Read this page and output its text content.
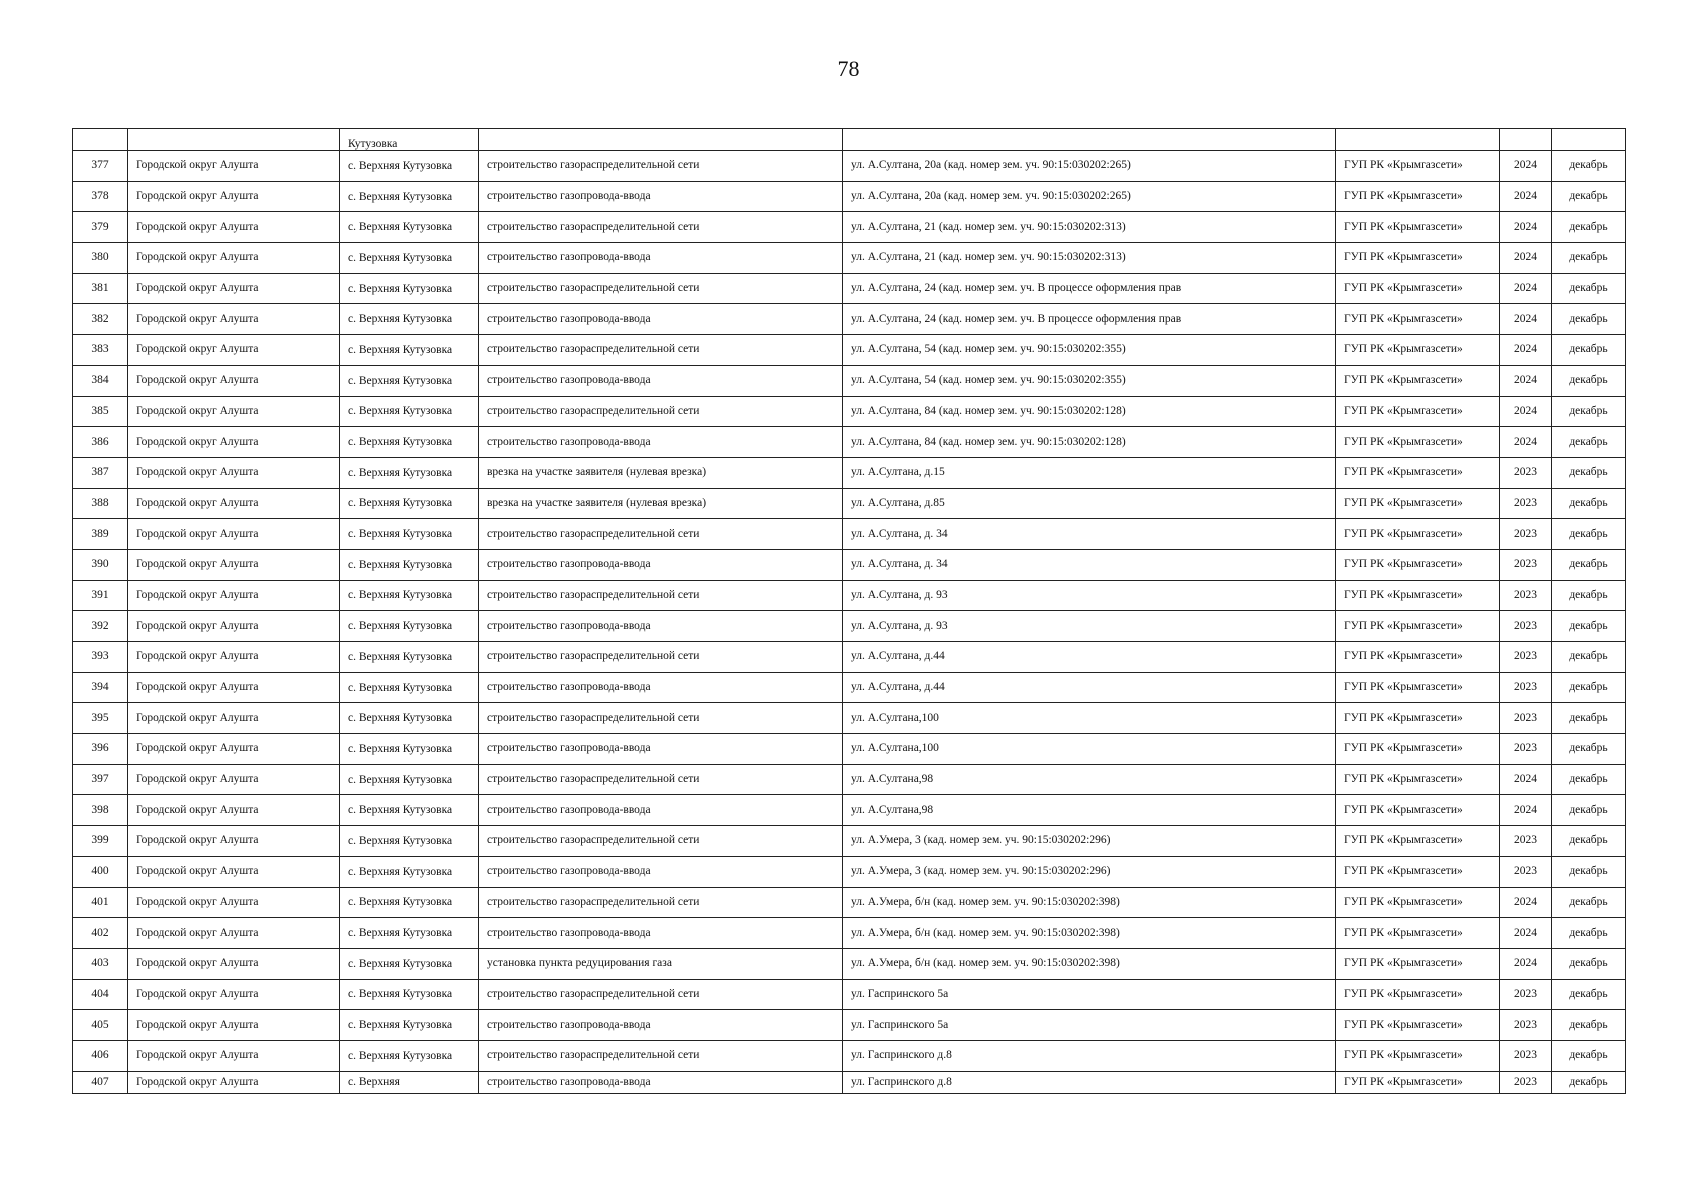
78
		Кутузовка					
377	Городской округ Алушта	с. Верхняя Кутузовка	строительство газораспределительной сети	ул. А.Султана, 20а (кад. номер зем. уч. 90:15:030202:265)	ГУП РК «Крымгазсети»	2024	декабрь
378	Городской округ Алушта	с. Верхняя Кутузовка	строительство газопровода-ввода	ул. А.Султана, 20а (кад. номер зем. уч. 90:15:030202:265)	ГУП РК «Крымгазсети»	2024	декабрь
379	Городской округ Алушта	с. Верхняя Кутузовка	строительство газораспределительной сети	ул. А.Султана, 21 (кад. номер зем. уч. 90:15:030202:313)	ГУП РК «Крымгазсети»	2024	декабрь
380	Городской округ Алушта	с. Верхняя Кутузовка	строительство газопровода-ввода	ул. А.Султана, 21 (кад. номер зем. уч. 90:15:030202:313)	ГУП РК «Крымгазсети»	2024	декабрь
381	Городской округ Алушта	с. Верхняя Кутузовка	строительство газораспределительной сети	ул. А.Султана, 24 (кад. номер зем. уч. В процессе оформления прав	ГУП РК «Крымгазсети»	2024	декабрь
382	Городской округ Алушта	с. Верхняя Кутузовка	строительство газопровода-ввода	ул. А.Султана, 24 (кад. номер зем. уч. В процессе оформления прав	ГУП РК «Крымгазсети»	2024	декабрь
383	Городской округ Алушта	с. Верхняя Кутузовка	строительство газораспределительной сети	ул. А.Султана, 54 (кад. номер зем. уч. 90:15:030202:355)	ГУП РК «Крымгазсети»	2024	декабрь
384	Городской округ Алушта	с. Верхняя Кутузовка	строительство газопровода-ввода	ул. А.Султана, 54 (кад. номер зем. уч. 90:15:030202:355)	ГУП РК «Крымгазсети»	2024	декабрь
385	Городской округ Алушта	с. Верхняя Кутузовка	строительство газораспределительной сети	ул. А.Султана, 84 (кад. номер зем. уч. 90:15:030202:128)	ГУП РК «Крымгазсети»	2024	декабрь
386	Городской округ Алушта	с. Верхняя Кутузовка	строительство газопровода-ввода	ул. А.Султана, 84 (кад. номер зем. уч. 90:15:030202:128)	ГУП РК «Крымгазсети»	2024	декабрь
387	Городской округ Алушта	с. Верхняя Кутузовка	врезка на участке заявителя (нулевая врезка)	ул. А.Султана, д.15	ГУП РК «Крымгазсети»	2023	декабрь
388	Городской округ Алушта	с. Верхняя Кутузовка	врезка на участке заявителя (нулевая врезка)	ул. А.Султана, д.85	ГУП РК «Крымгазсети»	2023	декабрь
389	Городской округ Алушта	с. Верхняя Кутузовка	строительство газораспределительной сети	ул. А.Султана, д. 34	ГУП РК «Крымгазсети»	2023	декабрь
390	Городской округ Алушта	с. Верхняя Кутузовка	строительство газопровода-ввода	ул. А.Султана, д. 34	ГУП РК «Крымгазсети»	2023	декабрь
391	Городской округ Алушта	с. Верхняя Кутузовка	строительство газораспределительной сети	ул. А.Султана, д. 93	ГУП РК «Крымгазсети»	2023	декабрь
392	Городской округ Алушта	с. Верхняя Кутузовка	строительство газопровода-ввода	ул. А.Султана, д. 93	ГУП РК «Крымгазсети»	2023	декабрь
393	Городской округ Алушта	с. Верхняя Кутузовка	строительство газораспределительной сети	ул. А.Султана, д.44	ГУП РК «Крымгазсети»	2023	декабрь
394	Городской округ Алушта	с. Верхняя Кутузовка	строительство газопровода-ввода	ул. А.Султана, д.44	ГУП РК «Крымгазсети»	2023	декабрь
395	Городской округ Алушта	с. Верхняя Кутузовка	строительство газораспределительной сети	ул. А.Султана,100	ГУП РК «Крымгазсети»	2023	декабрь
396	Городской округ Алушта	с. Верхняя Кутузовка	строительство газопровода-ввода	ул. А.Султана,100	ГУП РК «Крымгазсети»	2023	декабрь
397	Городской округ Алушта	с. Верхняя Кутузовка	строительство газораспределительной сети	ул. А.Султана,98	ГУП РК «Крымгазсети»	2024	декабрь
398	Городской округ Алушта	с. Верхняя Кутузовка	строительство газопровода-ввода	ул. А.Султана,98	ГУП РК «Крымгазсети»	2024	декабрь
399	Городской округ Алушта	с. Верхняя Кутузовка	строительство газораспределительной сети	ул. А.Умера, 3 (кад. номер зем. уч. 90:15:030202:296)	ГУП РК «Крымгазсети»	2023	декабрь
400	Городской округ Алушта	с. Верхняя Кутузовка	строительство газопровода-ввода	ул. А.Умера, 3 (кад. номер зем. уч. 90:15:030202:296)	ГУП РК «Крымгазсети»	2023	декабрь
401	Городской округ Алушта	с. Верхняя Кутузовка	строительство газораспределительной сети	ул. А.Умера, б/н (кад. номер зем. уч. 90:15:030202:398)	ГУП РК «Крымгазсети»	2024	декабрь
402	Городской округ Алушта	с. Верхняя Кутузовка	строительство газопровода-ввода	ул. А.Умера, б/н (кад. номер зем. уч. 90:15:030202:398)	ГУП РК «Крымгазсети»	2024	декабрь
403	Городской округ Алушта	с. Верхняя Кутузовка	установка пункта редуцирования газа	ул. А.Умера, б/н (кад. номер зем. уч. 90:15:030202:398)	ГУП РК «Крымгазсети»	2024	декабрь
404	Городской округ Алушта	с. Верхняя Кутузовка	строительство газораспределительной сети	ул. Гаспринского 5а	ГУП РК «Крымгазсети»	2023	декабрь
405	Городской округ Алушта	с. Верхняя Кутузовка	строительство газопровода-ввода	ул. Гаспринского 5а	ГУП РК «Крымгазсети»	2023	декабрь
406	Городской округ Алушта	с. Верхняя Кутузовка	строительство газораспределительной сети	ул. Гаспринского д.8	ГУП РК «Крымгазсети»	2023	декабрь
407	Городской округ Алушта	с. Верхняя	строительство газопровода-ввода	ул. Гаспринского д.8	ГУП РК «Крымгазсети»	2023	декабрь
